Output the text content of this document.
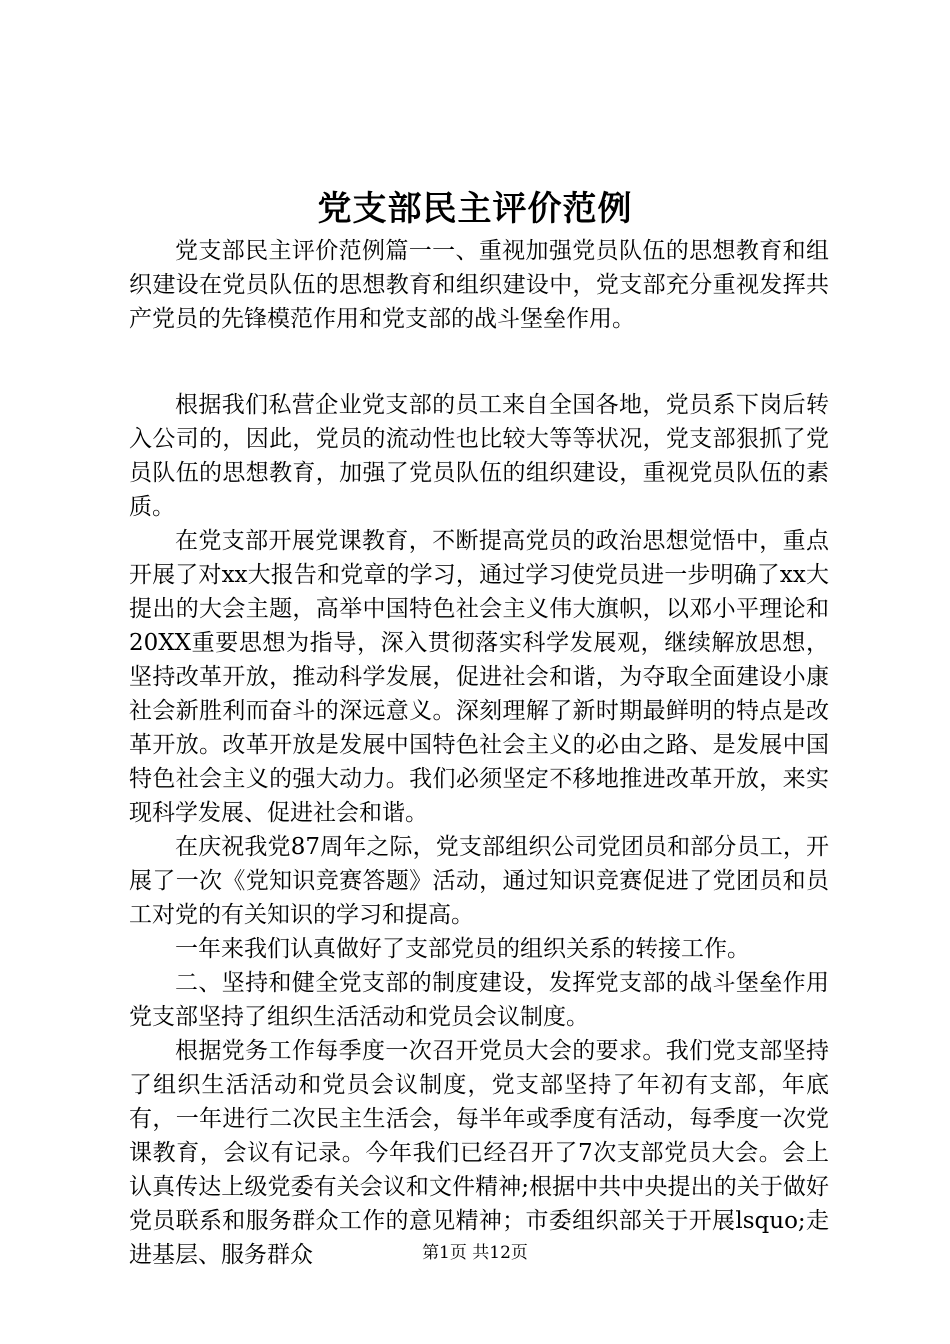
党支部民主评价范例

党支部民主评价范例篇一一、重视加强党员队伍的思想教育和组织建设在党员队伍的思想教育和组织建设中，党支部充分重视发挥共产党员的先锋模范作用和党支部的战斗堡垒作用。

根据我们私营企业党支部的员工来自全国各地，党员系下岗后转入公司的，因此，党员的流动性也比较大等等状况，党支部狠抓了党员队伍的思想教育，加强了党员队伍的组织建设，重视党员队伍的素质。

在党支部开展党课教育，不断提高党员的政治思想觉悟中，重点开展了对xx大报告和党章的学习，通过学习使党员进一步明确了xx大提出的大会主题，高举中国特色社会主义伟大旗帜，以邓小平理论和20XX重要思想为指导，深入贯彻落实科学发展观，继续解放思想，坚持改革开放，推动科学发展，促进社会和谐，为夺取全面建设小康社会新胜利而奋斗的深远意义。深刻理解了新时期最鲜明的特点是改革开放。改革开放是发展中国特色社会主义的必由之路、是发展中国特色社会主义的强大动力。我们必须坚定不移地推进改革开放，来实现科学发展、促进社会和谐。

在庆祝我党87周年之际，党支部组织公司党团员和部分员工，开展了一次《党知识竞赛答题》活动，通过知识竞赛促进了党团员和员工对党的有关知识的学习和提高。

一年来我们认真做好了支部党员的组织关系的转接工作。

二、坚持和健全党支部的制度建设，发挥党支部的战斗堡垒作用党支部坚持了组织生活活动和党员会议制度。

根据党务工作每季度一次召开党员大会的要求。我们党支部坚持了组织生活活动和党员会议制度，党支部坚持了年初有支部，年底有，一年进行二次民主生活会，每半年或季度有活动，每季度一次党课教育，会议有记录。今年我们已经召开了7次支部党员大会。会上认真传达上级党委有关会议和文件精神;根据中共中央提出的关于做好党员联系和服务群众工作的意见精神；市委组织部关于开展lsquo;走进基层、服务群众	第1页 共12页
